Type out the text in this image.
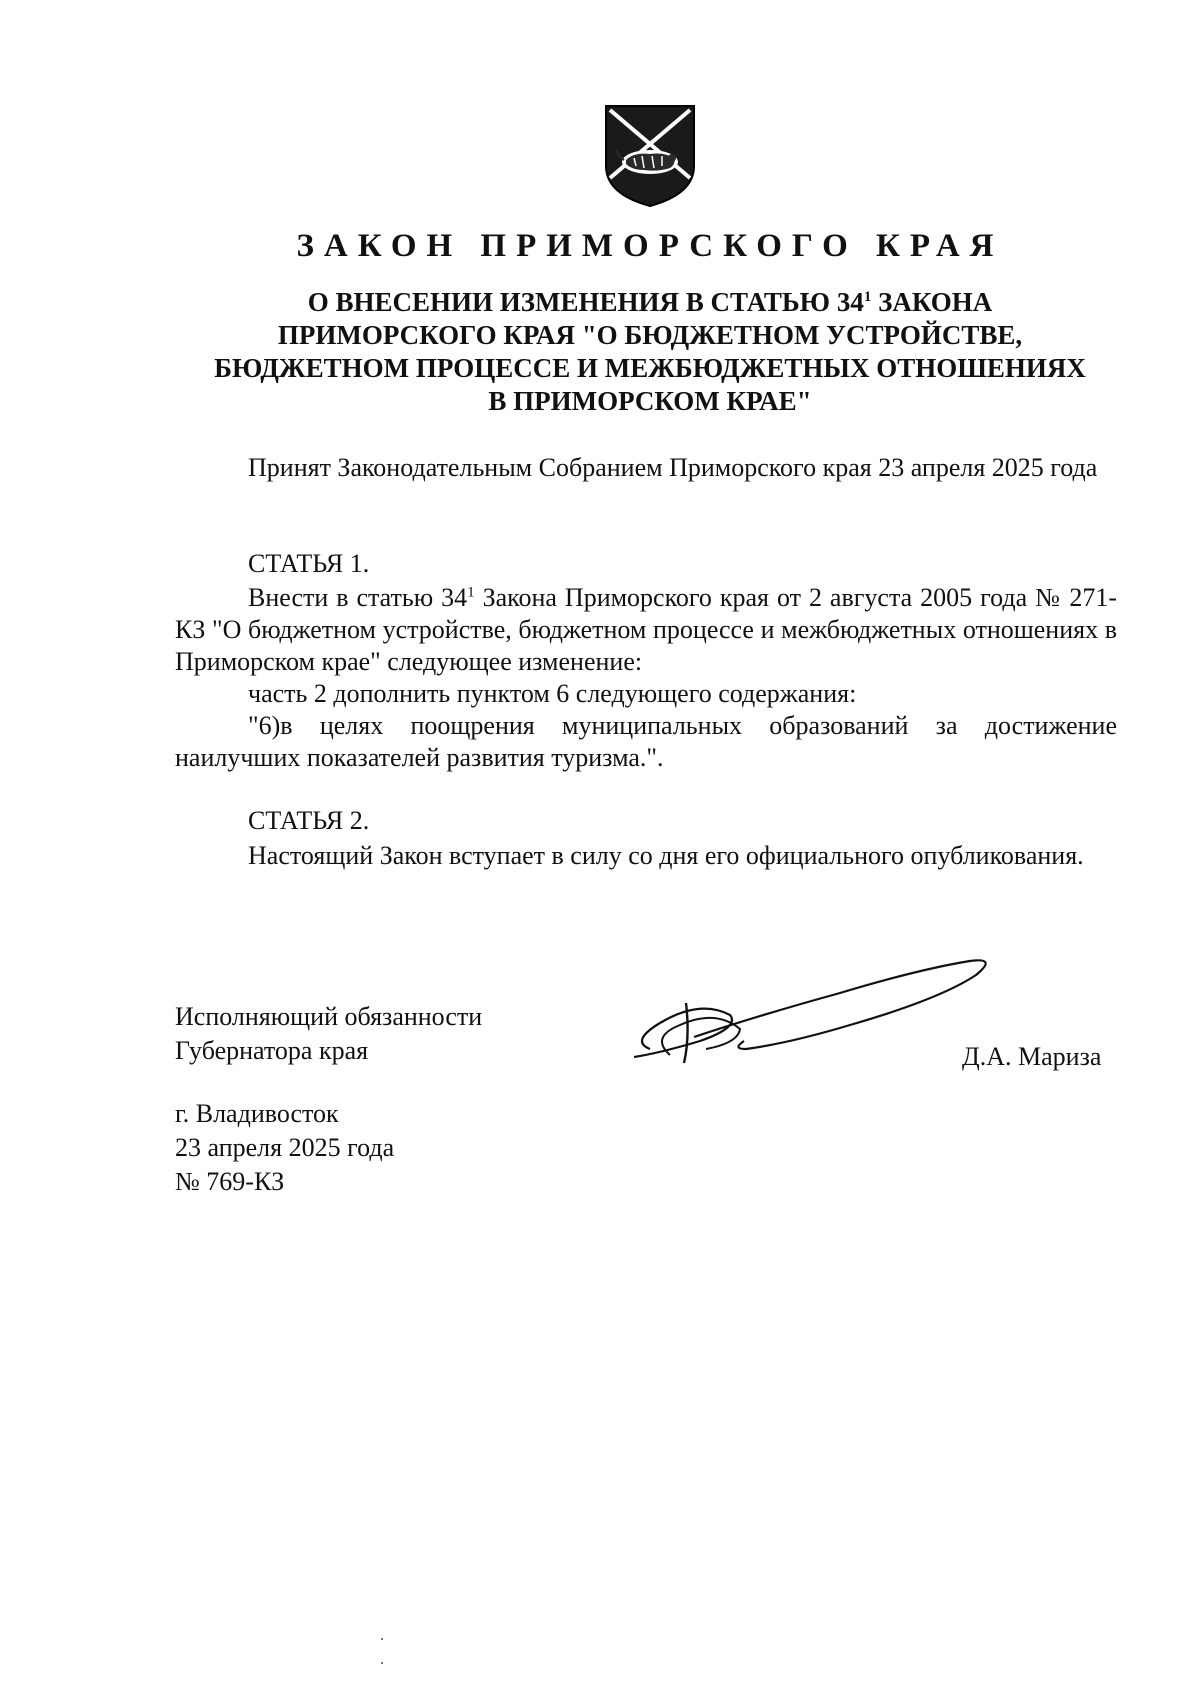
ЗАКОН ПРИМОРСКОГО КРАЯ
О ВНЕСЕНИИ ИЗМЕНЕНИЯ В СТАТЬЮ $34^1$ ЗАКОНА
ПРИМОРСКОГО КРАЯ "О БЮДЖЕТНОМ УСТРОЙСТВЕ,
БЮДЖЕТНОМ ПРОЦЕССЕ И МЕЖБЮДЖЕТНЫХ ОТНОШЕНИЯХ
В ПРИМОРСКОМ КРАЕ"

Принят Законодательным Собранием Приморского края 23 апреля 2025 года

СТАТЬЯ 1.

Внести в статью $34^1$ Закона Приморского края от 2 августа 2005 года № 271-КЗ "О бюджетном устройстве, бюджетном процессе и межбюджетных отношениях в Приморском крае" следующее изменение:

часть 2 дополнить пунктом 6 следующего содержания:

"6)в целях поощрения муниципальных образований за достижение наилучших показателей развития туризма.".

СТАТЬЯ 2.

Настоящий Закон вступает в силу со дня его официального опубликования.

Исполняющий обязанности
Губернатора края	Д.А. Мариза
г. Владивосток
23 апреля 2025 года
№ 769-КЗ
